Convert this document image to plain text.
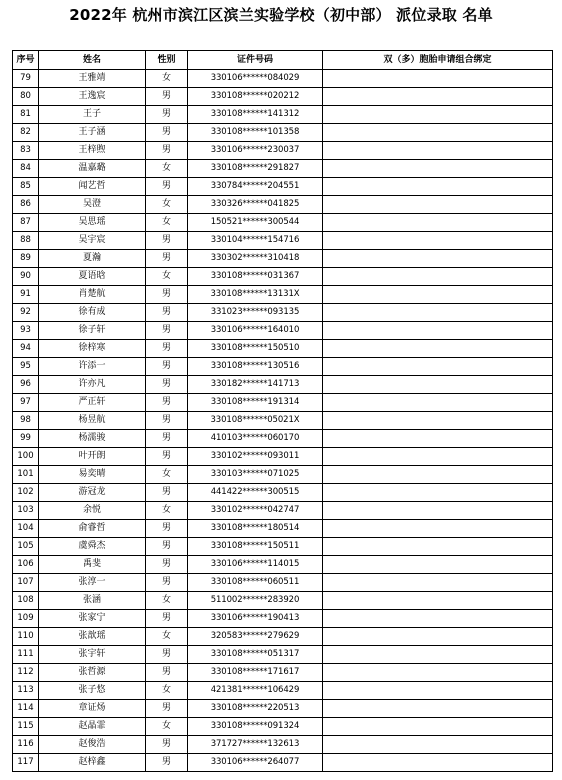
2022年 杭州市滨江区滨兰实验学校（初中部） 派位录取 名单
序号	姓名	性别	证件号码	双（多）胞胎申请组合绑定
79	王雅靖	女	330106******084029	
80	王逸宸	男	330108******020212	
81	王子	男	330108******141312	
82	王子涵	男	330108******101358	
83	王梓煦	男	330106******230037	
84	温嘉璐	女	330108******291827	
85	闻艺哲	男	330784******204551	
86	吴澄	女	330326******041825	
87	吴思瑶	女	150521******300544	
88	吴宇宸	男	330104******154716	
89	夏瀚	男	330302******310418	
90	夏语晗	女	330108******031367	
91	肖楚航	男	330108******13131X	
92	徐有成	男	331023******093135	
93	徐子轩	男	330106******164010	
94	徐梓寒	男	330108******150510	
95	许添一	男	330108******130516	
96	许亦凡	男	330182******141713	
97	严正轩	男	330108******191314	
98	杨昱航	男	330108******05021X	
99	杨濡骏	男	410103******060170	
100	叶开朗	男	330102******093011	
101	易奕晴	女	330103******071025	
102	游冠龙	男	441422******300515	
103	余悦	女	330102******042747	
104	俞睿哲	男	330108******180514	
105	虞舜杰	男	330108******150511	
106	禹斐	男	330106******114015	
107	张淳一	男	330108******060511	
108	张涵	女	511002******283920	
109	张家宁	男	330106******190413	
110	张歆瑶	女	320583******279629	
111	张宇轩	男	330108******051317	
112	张哲源	男	330108******171617	
113	张子悠	女	421381******106429	
114	章证炀	男	330108******220513	
115	赵晶霏	女	330108******091324	
116	赵俊浩	男	371727******132613	
117	赵梓鑫	男	330106******264077	
